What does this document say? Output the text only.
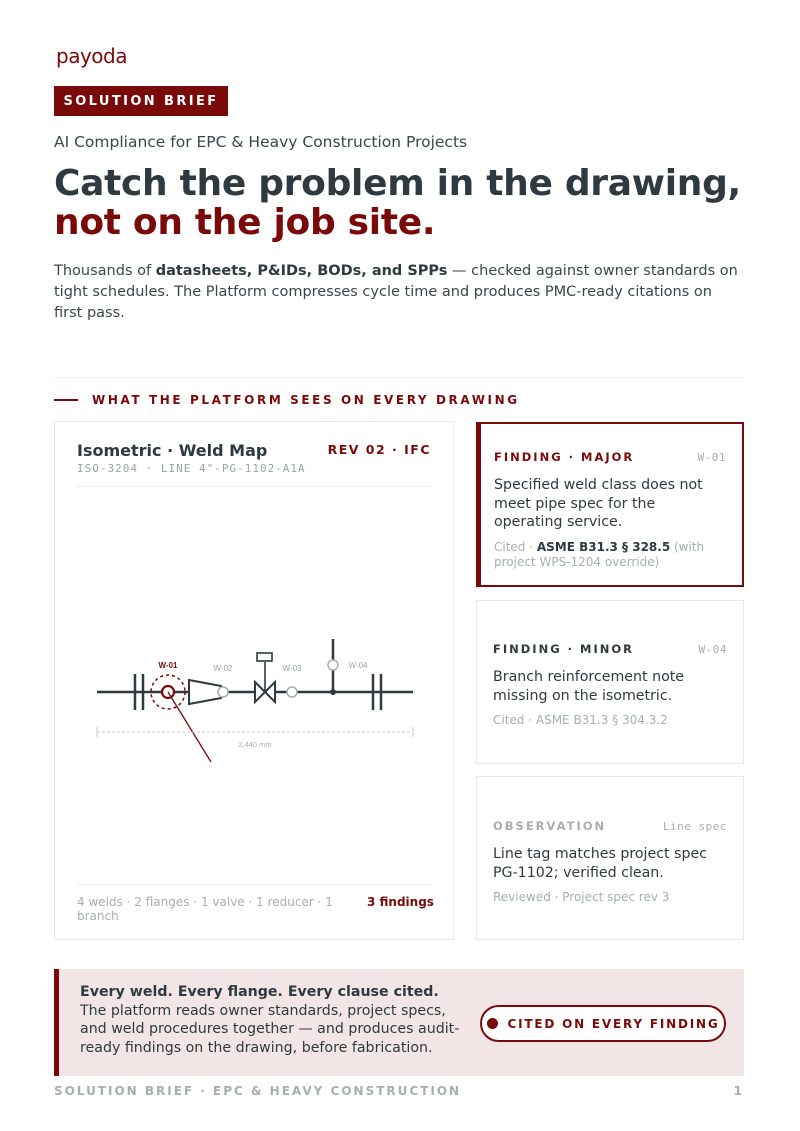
payoda
SOLUTION BRIEF
AI Compliance for EPC & Heavy Construction Projects
Catch the problem in the drawing,
not on the job site.

Thousands of datasheets, P&IDs, BODs, and SPPs — checked against owner standards on tight schedules. The Platform compresses cycle time and produces PMC-ready citations on first pass.

WHAT THE PLATFORM SEES ON EVERY DRAWING
Isometric · Weld Map	REV 02 · IFC
ISO-3204 · LINE 4"-PG-1102-A1A
W-01	W-02	W-03	W-04
2,440 mm
4 welds · 2 flanges · 1 valve · 1 reducer · 1 branch
3 findings
FINDING · MAJOR	W-01
Specified weld class does not meet pipe spec for the operating service.
Cited · ASME B31.3 § 328.5 (with project WPS-1204 override)
FINDING · MINOR	W-04
Branch reinforcement note missing on the isometric.
Cited · ASME B31.3 § 304.3.2
OBSERVATION	Line spec
Line tag matches project spec PG-1102; verified clean.
Reviewed · Project spec rev 3

Every weld. Every flange. Every clause cited. The platform reads owner standards, project specs, and weld procedures together — and produces audit-ready findings on the drawing, before fabrication.

CITED ON EVERY FINDING
SOLUTION BRIEF · EPC & HEAVY CONSTRUCTION	1
